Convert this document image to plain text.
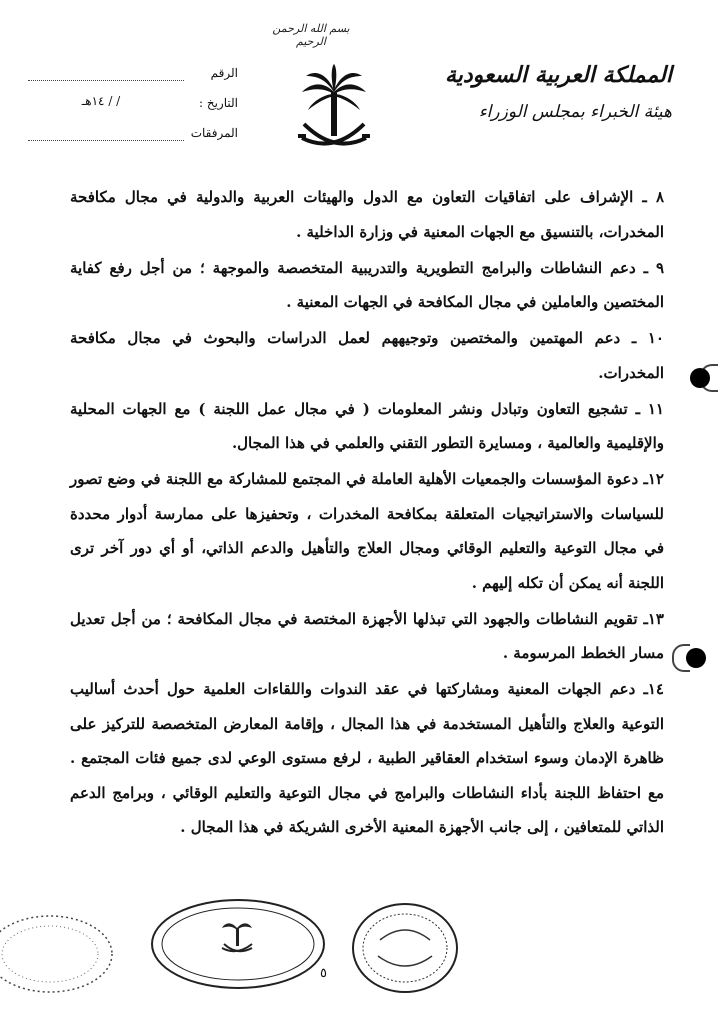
بسم الله الرحمن الرحيم
المملكة العربية السعودية
هيئة الخبراء بمجلس الوزراء
الرقم
التاريخ :
/ / ١٤هـ
المرفقات

٨ ـ الإشراف على اتفاقيات التعاون مع الدول والهيئات العربية والدولية في مجال مكافحة المخدرات، بالتنسيق مع الجهات المعنية في وزارة الداخلية .

٩ ـ دعم النشاطات والبرامج التطويرية والتدريبية المتخصصة والموجهة ؛ من أجل رفع كفاية المختصين والعاملين في مجال المكافحة في الجهات المعنية .

١٠ ـ دعم المهتمين والمختصين وتوجيههم لعمل الدراسات والبحوث في مجال مكافحة المخدرات.

١١ ـ تشجيع التعاون وتبادل ونشر المعلومات ( في مجال عمل اللجنة ) مع الجهات المحلية والإقليمية والعالمية ، ومسايرة التطور التقني والعلمي في هذا المجال.

١٢ـ دعوة المؤسسات والجمعيات الأهلية العاملة في المجتمع للمشاركة مع اللجنة في وضع تصور للسياسات والاستراتيجيات المتعلقة بمكافحة المخدرات ، وتحفيزها على ممارسة أدوار محددة في مجال التوعية والتعليم الوقائي ومجال العلاج والتأهيل والدعم الذاتي، أو أي دور آخر ترى اللجنة أنه يمكن أن تكله إليهم .

١٣ـ تقويم النشاطات والجهود التي تبذلها الأجهزة المختصة في مجال المكافحة ؛ من أجل تعديل مسار الخطط المرسومة .

١٤ـ دعم الجهات المعنية ومشاركتها في عقد الندوات واللقاءات العلمية حول أحدث أساليب التوعية والعلاج والتأهيل المستخدمة في هذا المجال ، وإقامة المعارض المتخصصة للتركيز على ظاهرة الإدمان وسوء استخدام العقاقير الطبية ، لرفع مستوى الوعي لدى جميع فئات المجتمع . مع احتفاظ اللجنة بأداء النشاطات والبرامج في مجال التوعية والتعليم الوقائي ، وبرامج الدعم الذاتي للمتعافين ، إلى جانب الأجهزة المعنية الأخرى الشريكة في هذا المجال .

٥
